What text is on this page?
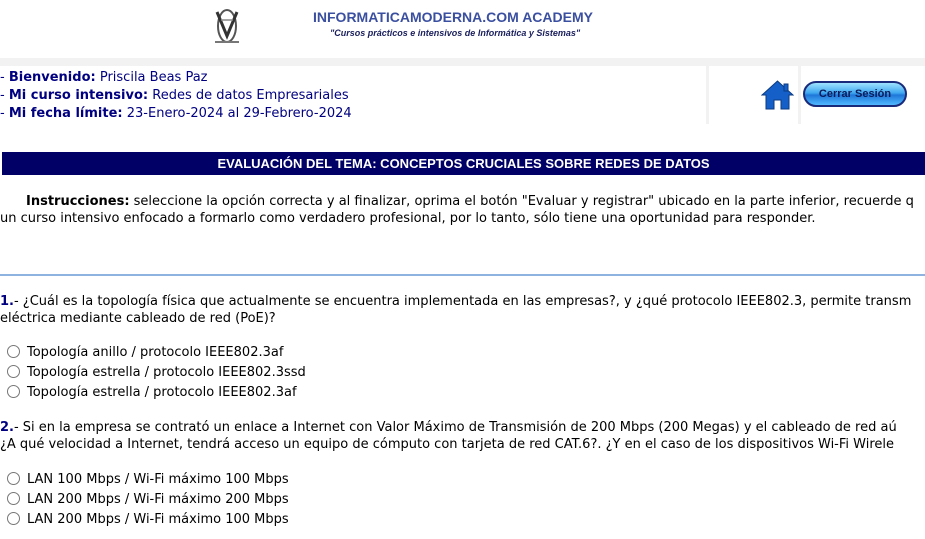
INFORMATICAMODERNA.COM ACADEMY
"Cursos prácticos e intensivos de Informática y Sistemas"
- Bienvenido: Priscila Beas Paz
- Mi curso intensivo: Redes de datos Empresariales
- Mi fecha límite: 23-Enero-2024 al 29-Febrero-2024
Cerrar Sesión
EVALUACIÓN DEL TEMA: CONCEPTOS CRUCIALES SOBRE REDES DE DATOS
Instrucciones: seleccione la opción correcta y al finalizar, oprima el botón "Evaluar y registrar" ubicado en la parte inferior, recuerde q
un curso intensivo enfocado a formarlo como verdadero profesional, por lo tanto, sólo tiene una oportunidad para responder.
1.- ¿Cuál es la topología física que actualmente se encuentra implementada en las empresas?, y ¿qué protocolo IEEE802.3, permite transm
eléctrica mediante cableado de red (PoE)?
Topología anillo / protocolo IEEE802.3af
Topología estrella / protocolo IEEE802.3ssd
Topología estrella / protocolo IEEE802.3af
2.- Si en la empresa se contrató un enlace a Internet con Valor Máximo de Transmisión de 200 Mbps (200 Megas) y el cableado de red aú
¿A qué velocidad a Internet, tendrá acceso un equipo de cómputo con tarjeta de red CAT.6?. ¿Y en el caso de los dispositivos Wi-Fi Wirele
LAN 100 Mbps / Wi-Fi máximo 100 Mbps
LAN 200 Mbps / Wi-Fi máximo 200 Mbps
LAN 200 Mbps / Wi-Fi máximo 100 Mbps
